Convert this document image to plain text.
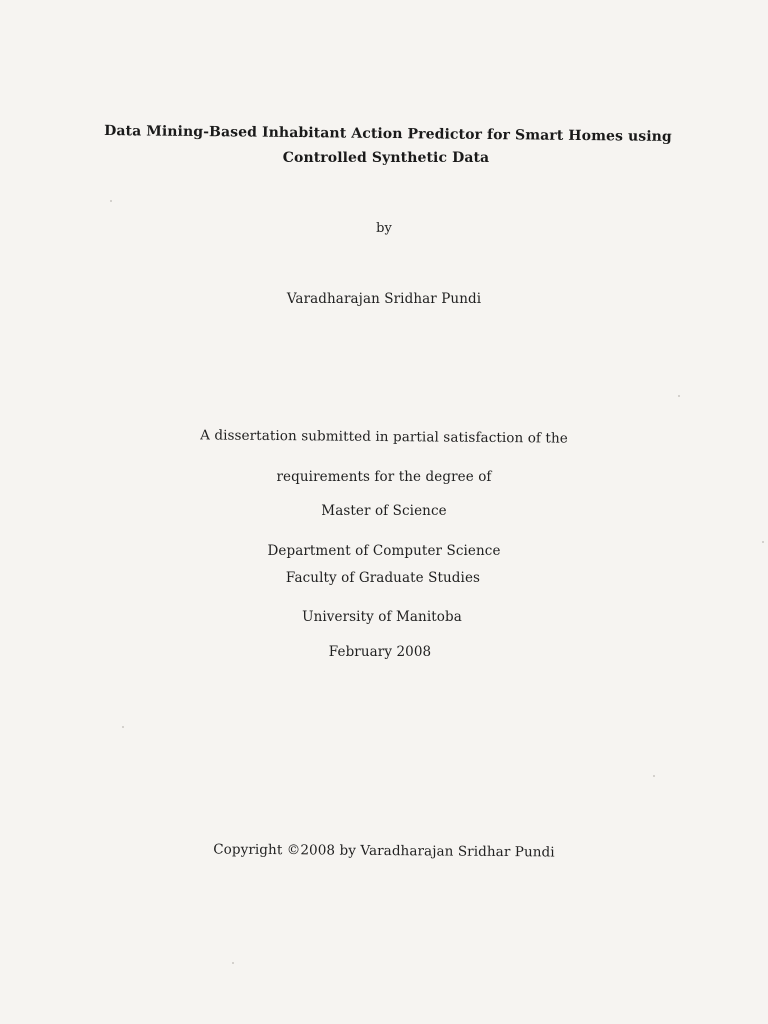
Data Mining-Based Inhabitant Action Predictor for Smart Homes using
Controlled Synthetic Data
by
Varadharajan Sridhar Pundi
A dissertation submitted in partial satisfaction of the
requirements for the degree of
Master of Science
Department of Computer Science
Faculty of Graduate Studies
University of Manitoba
February 2008
Copyright ©2008 by Varadharajan Sridhar Pundi
